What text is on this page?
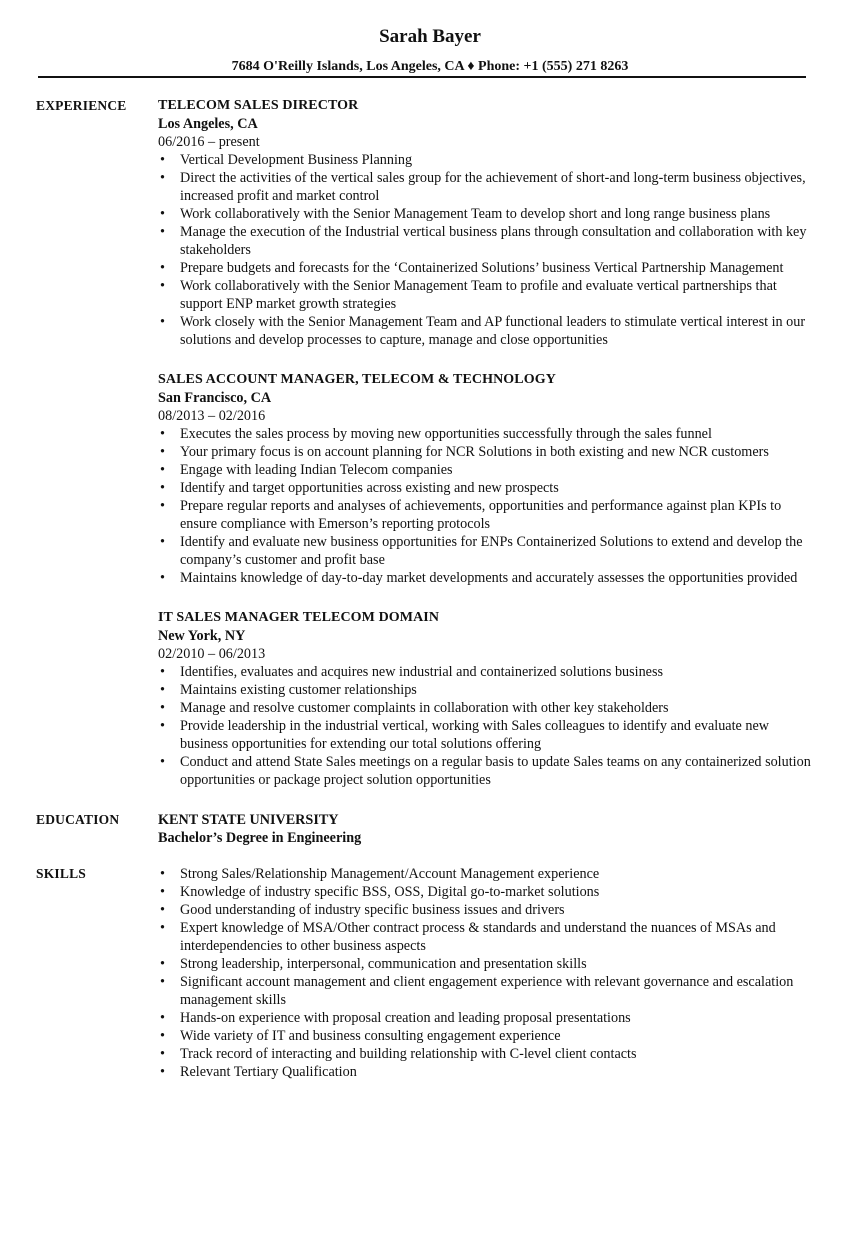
Sarah Bayer
7684 O'Reilly Islands, Los Angeles, CA ♦ Phone: +1 (555) 271 8263
EXPERIENCE TELECOM SALES DIRECTOR
Los Angeles, CA
06/2016 – present
• Vertical Development Business Planning
• Direct the activities of the vertical sales group for the achievement of short-and long-term business objectives, increased profit and market control
• Work collaboratively with the Senior Management Team to develop short and long range business plans
• Manage the execution of the Industrial vertical business plans through consultation and collaboration with key stakeholders
• Prepare budgets and forecasts for the ‘Containerized Solutions’ business Vertical Partnership Management
• Work collaboratively with the Senior Management Team to profile and evaluate vertical partnerships that support ENP market growth strategies
• Work closely with the Senior Management Team and AP functional leaders to stimulate vertical interest in our solutions and develop processes to capture, manage and close opportunities
SALES ACCOUNT MANAGER, TELECOM & TECHNOLOGY
San Francisco, CA
08/2013 – 02/2016
• Executes the sales process by moving new opportunities successfully through the sales funnel
• Your primary focus is on account planning for NCR Solutions in both existing and new NCR customers
• Engage with leading Indian Telecom companies
• Identify and target opportunities across existing and new prospects
• Prepare regular reports and analyses of achievements, opportunities and performance against plan KPIs to ensure compliance with Emerson’s reporting protocols
• Identify and evaluate new business opportunities for ENPs Containerized Solutions to extend and develop the company’s customer and profit base
• Maintains knowledge of day-to-day market developments and accurately assesses the opportunities provided
IT SALES MANAGER TELECOM DOMAIN
New York, NY
02/2010 – 06/2013
• Identifies, evaluates and acquires new industrial and containerized solutions business
• Maintains existing customer relationships
• Manage and resolve customer complaints in collaboration with other key stakeholders
• Provide leadership in the industrial vertical, working with Sales colleagues to identify and evaluate new business opportunities for extending our total solutions offering
• Conduct and attend State Sales meetings on a regular basis to update Sales teams on any containerized solution opportunities or package project solution opportunities
EDUCATION	KENT STATE UNIVERSITY
Bachelor’s Degree in Engineering
SKILLS	• Strong Sales/Relationship Management/Account Management experience
• Knowledge of industry specific BSS, OSS, Digital go-to-market solutions
• Good understanding of industry specific business issues and drivers
• Expert knowledge of MSA/Other contract process & standards and understand the nuances of MSAs and interdependencies to other business aspects
• Strong leadership, interpersonal, communication and presentation skills
• Significant account management and client engagement experience with relevant governance and escalation management skills
• Hands-on experience with proposal creation and leading proposal presentations
• Wide variety of IT and business consulting engagement experience
• Track record of interacting and building relationship with C-level client contacts
• Relevant Tertiary Qualification
